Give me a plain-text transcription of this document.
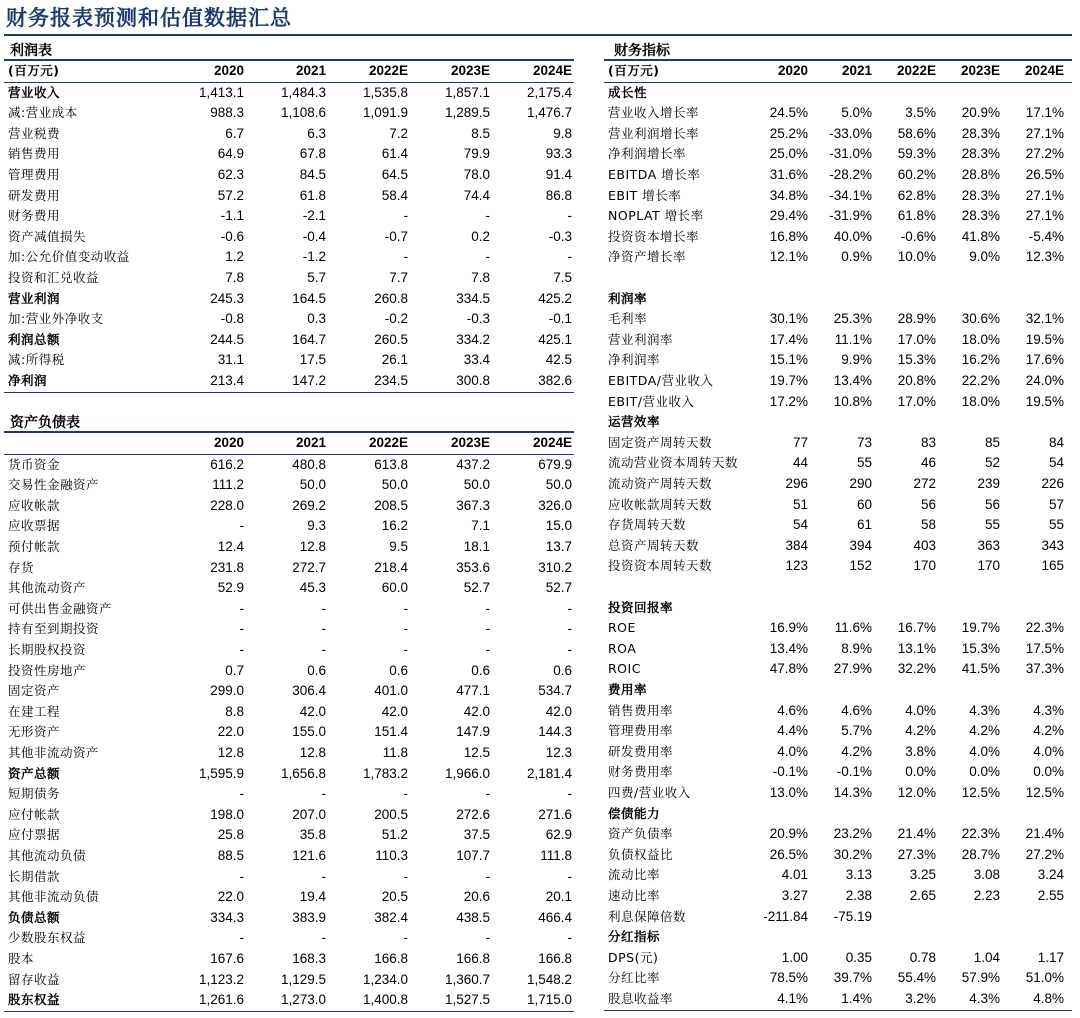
财务报表预测和估值数据汇总
利润表
(百万元)	2020	2021	2022E	2023E	2024E
营业收入	1,413.1	1,484.3	1,535.8	1,857.1	2,175.4
减:营业成本	988.3	1,108.6	1,091.9	1,289.5	1,476.7
营业税费	6.7	6.3	7.2	8.5	9.8
销售费用	64.9	67.8	61.4	79.9	93.3
管理费用	62.3	84.5	64.5	78.0	91.4
研发费用	57.2	61.8	58.4	74.4	86.8
财务费用	-1.1	-2.1	-	-	-
资产减值损失	-0.6	-0.4	-0.7	0.2	-0.3
加:公允价值变动收益	1.2	-1.2	-	-	-
投资和汇兑收益	7.8	5.7	7.7	7.8	7.5
营业利润	245.3	164.5	260.8	334.5	425.2
加:营业外净收支	-0.8	0.3	-0.2	-0.3	-0.1
利润总额	244.5	164.7	260.5	334.2	425.1
减:所得税	31.1	17.5	26.1	33.4	42.5
净利润	213.4	147.2	234.5	300.8	382.6
资产负债表
2020	2021	2022E	2023E	2024E
货币资金	616.2	480.8	613.8	437.2	679.9
交易性金融资产	111.2	50.0	50.0	50.0	50.0
应收帐款	228.0	269.2	208.5	367.3	326.0
应收票据	-	9.3	16.2	7.1	15.0
预付帐款	12.4	12.8	9.5	18.1	13.7
存货	231.8	272.7	218.4	353.6	310.2
其他流动资产	52.9	45.3	60.0	52.7	52.7
可供出售金融资产	-	-	-	-	-
持有至到期投资	-	-	-	-	-
长期股权投资	-	-	-	-	-
投资性房地产	0.7	0.6	0.6	0.6	0.6
固定资产	299.0	306.4	401.0	477.1	534.7
在建工程	8.8	42.0	42.0	42.0	42.0
无形资产	22.0	155.0	151.4	147.9	144.3
其他非流动资产	12.8	12.8	11.8	12.5	12.3
资产总额	1,595.9	1,656.8	1,783.2	1,966.0	2,181.4
短期债务	-	-	-	-	-
应付帐款	198.0	207.0	200.5	272.6	271.6
应付票据	25.8	35.8	51.2	37.5	62.9
其他流动负债	88.5	121.6	110.3	107.7	111.8
长期借款	-	-	-	-	-
其他非流动负债	22.0	19.4	20.5	20.6	20.1
负债总额	334.3	383.9	382.4	438.5	466.4
少数股东权益	-	-	-	-	-
股本	167.6	168.3	166.8	166.8	166.8
留存收益	1,123.2	1,129.5	1,234.0	1,360.7	1,548.2
股东权益	1,261.6	1,273.0	1,400.8	1,527.5	1,715.0
财务指标
(百万元)	2020	2021	2022E	2023E	2024E
成长性
营业收入增长率	24.5%	5.0%	3.5%	20.9%	17.1%
营业利润增长率	25.2%	-33.0%	58.6%	28.3%	27.1%
净利润增长率	25.0%	-31.0%	59.3%	28.3%	27.2%
EBITDA 增长率	31.6%	-28.2%	60.2%	28.8%	26.5%
EBIT 增长率	34.8%	-34.1%	62.8%	28.3%	27.1%
NOPLAT 增长率	29.4%	-31.9%	61.8%	28.3%	27.1%
投资资本增长率	16.8%	40.0%	-0.6%	41.8%	-5.4%
净资产增长率	12.1%	0.9%	10.0%	9.0%	12.3%
利润率
毛利率	30.1%	25.3%	28.9%	30.6%	32.1%
营业利润率	17.4%	11.1%	17.0%	18.0%	19.5%
净利润率	15.1%	9.9%	15.3%	16.2%	17.6%
EBITDA/营业收入	19.7%	13.4%	20.8%	22.2%	24.0%
EBIT/营业收入	17.2%	10.8%	17.0%	18.0%	19.5%
运营效率
固定资产周转天数	77	73	83	85	84
流动营业资本周转天数	44	55	46	52	54
流动资产周转天数	296	290	272	239	226
应收帐款周转天数	51	60	56	56	57
存货周转天数	54	61	58	55	55
总资产周转天数	384	394	403	363	343
投资资本周转天数	123	152	170	170	165
投资回报率
ROE	16.9%	11.6%	16.7%	19.7%	22.3%
ROA	13.4%	8.9%	13.1%	15.3%	17.5%
ROIC	47.8%	27.9%	32.2%	41.5%	37.3%
费用率
销售费用率	4.6%	4.6%	4.0%	4.3%	4.3%
管理费用率	4.4%	5.7%	4.2%	4.2%	4.2%
研发费用率	4.0%	4.2%	3.8%	4.0%	4.0%
财务费用率	-0.1%	-0.1%	0.0%	0.0%	0.0%
四费/营业收入	13.0%	14.3%	12.0%	12.5%	12.5%
偿债能力
资产负债率	20.9%	23.2%	21.4%	22.3%	21.4%
负债权益比	26.5%	30.2%	27.3%	28.7%	27.2%
流动比率	4.01	3.13	3.25	3.08	3.24
速动比率	3.27	2.38	2.65	2.23	2.55
利息保障倍数	-211.84	-75.19
分红指标
DPS(元)	1.00	0.35	0.78	1.04	1.17
分红比率	78.5%	39.7%	55.4%	57.9%	51.0%
股息收益率	4.1%	1.4%	3.2%	4.3%	4.8%
